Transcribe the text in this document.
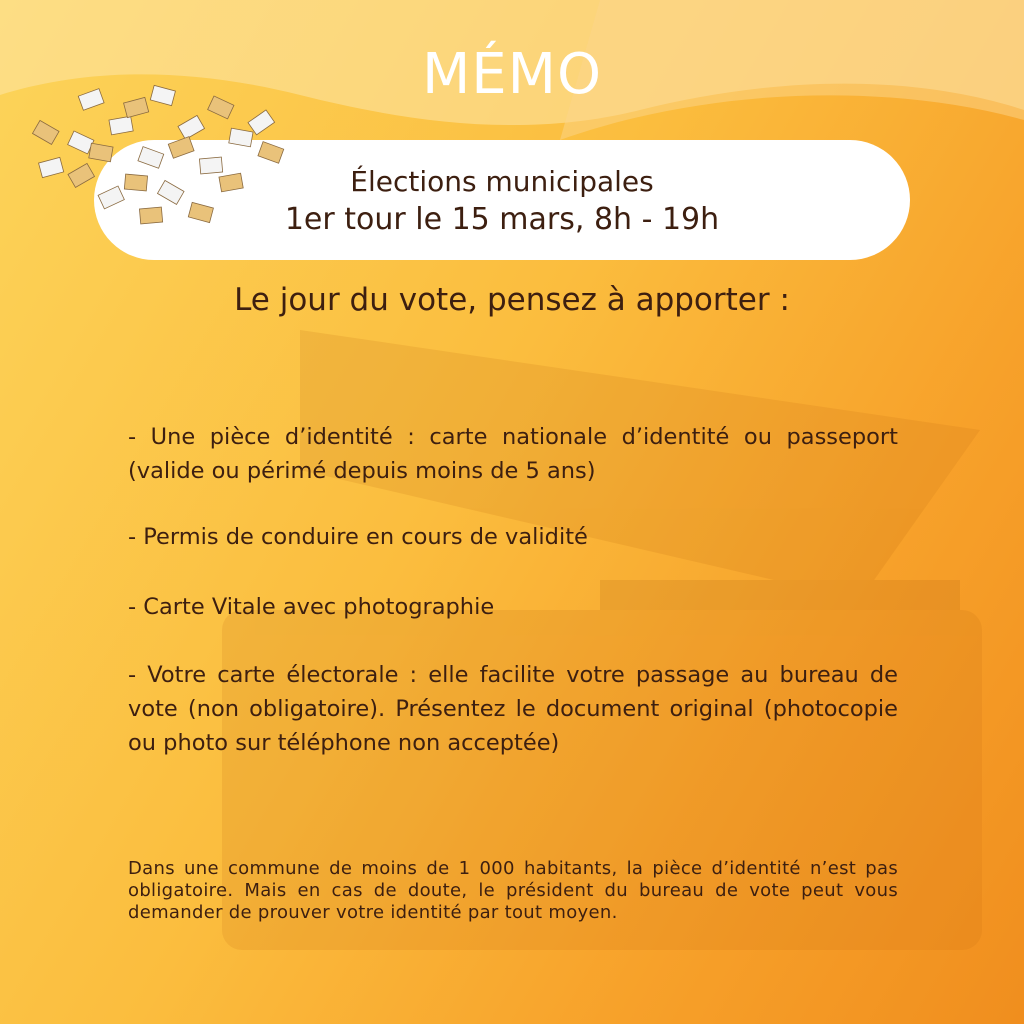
MÉMO
Élections municipales
1er tour le 15 mars, 8h - 19h
Le jour du vote, pensez à apporter :
- Une pièce d’identité : carte nationale d’identité ou passeport (valide ou périmé depuis moins de 5 ans)
- Permis de conduire en cours de validité
- Carte Vitale avec photographie
- Votre carte électorale : elle facilite votre passage au bureau de vote (non obligatoire). Présentez le document original (photocopie ou photo sur téléphone non acceptée)
Dans une commune de moins de 1 000 habitants, la pièce d’identité n’est pas obligatoire. Mais en cas de doute, le président du bureau de vote peut vous demander de prouver votre identité par tout moyen.
